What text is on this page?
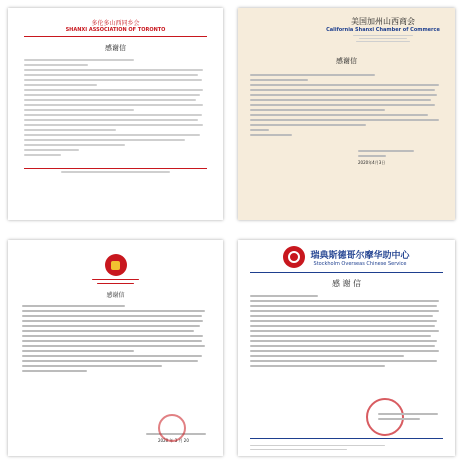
多伦多山西同乡会
SHANXI ASSOCIATION OF TORONTO
感谢信
美国加州山西商会
California Shanxi Chamber of Commerce
感谢信
2020年4月3日
感谢信
2020 年 3 月 20
瑞典斯德哥尔摩华助中心
Stockholm Overseas Chinese Service
感 谢 信
